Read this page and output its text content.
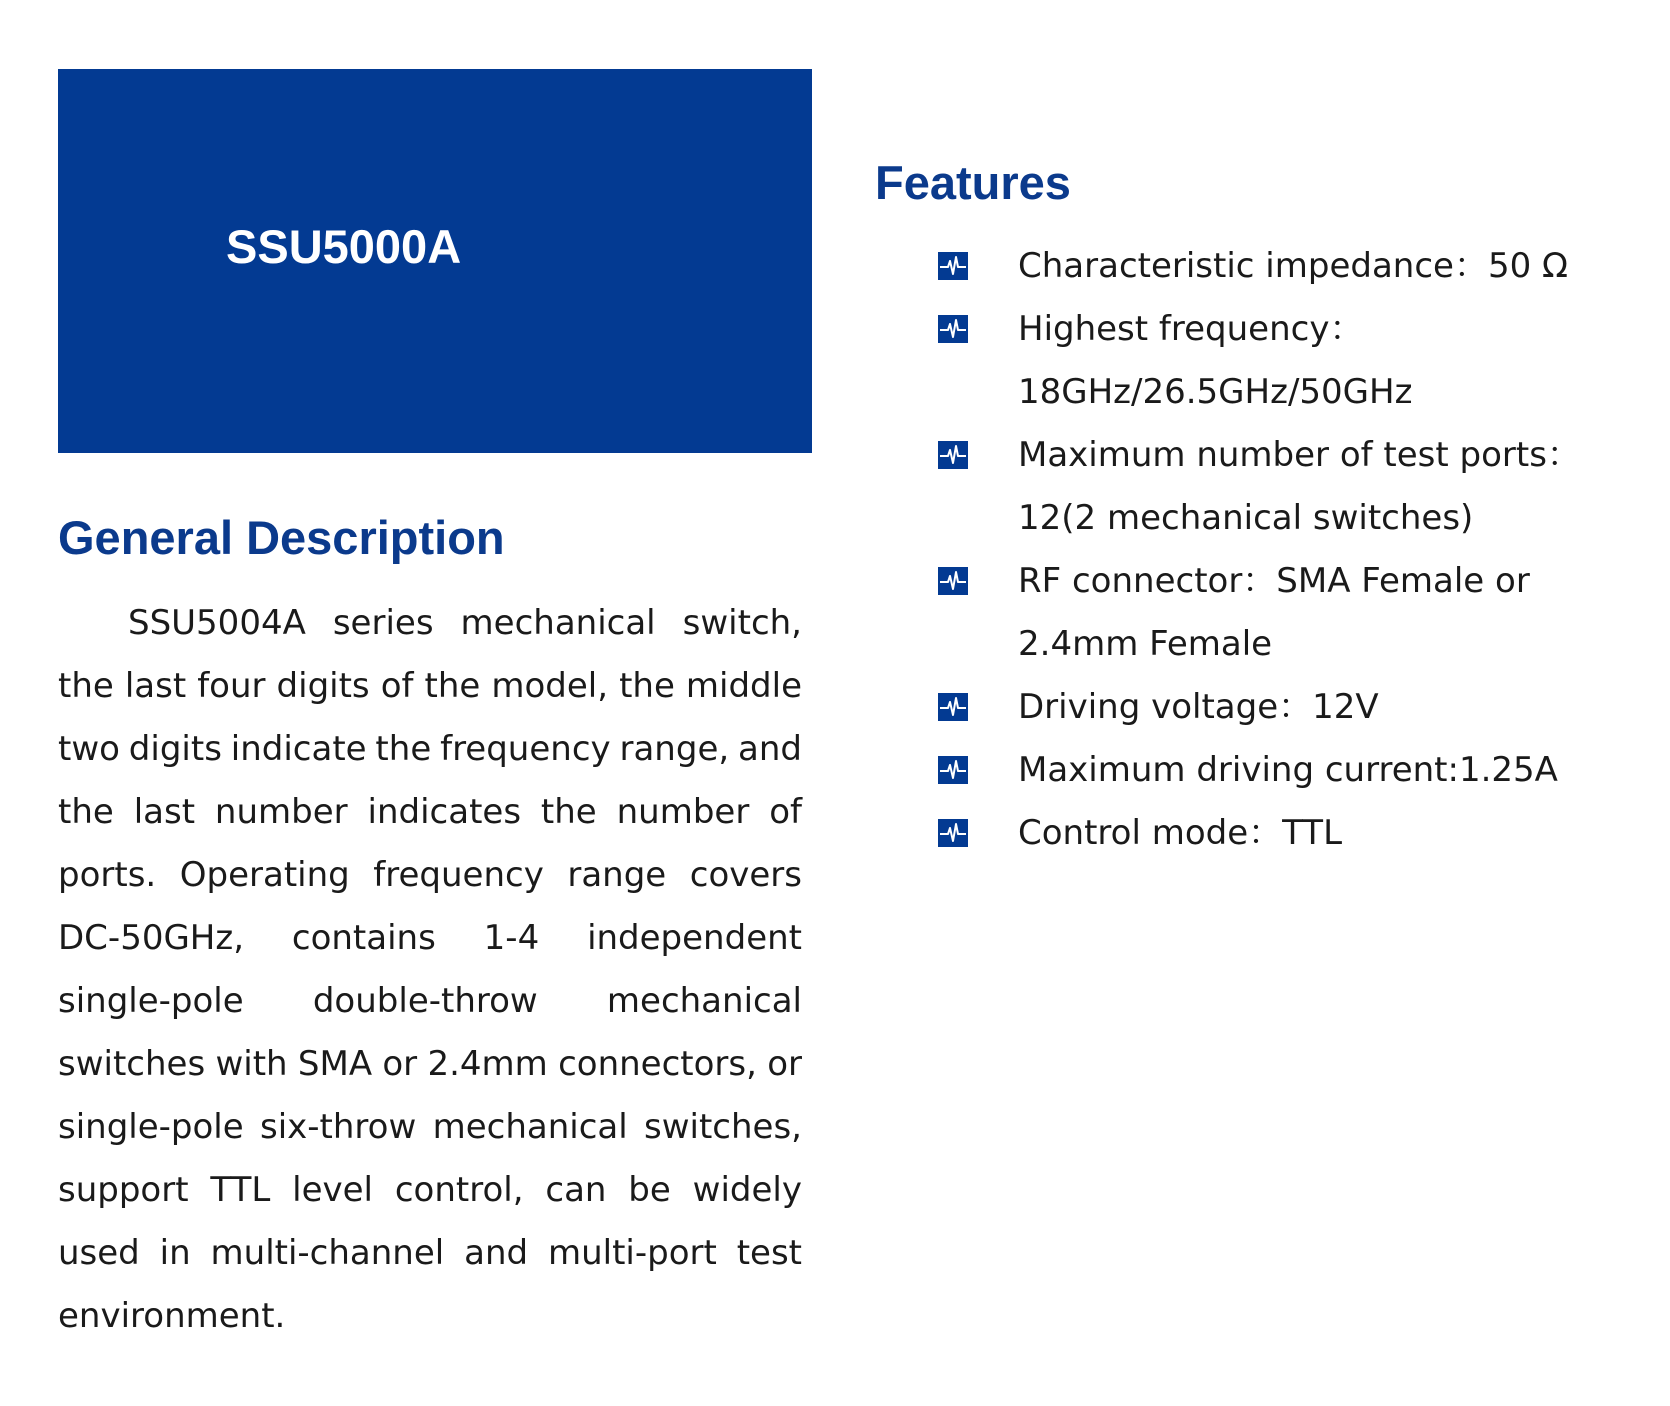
SSU5000A
General Description

SSU5004A series mechanical switch, the last four digits of the model, the middle two digits indicate the frequency range, and the last number indicates the number of ports. Operating frequency range covers DC-50GHz, contains 1-4 independent single-pole double-throw mechanical switches with SMA or 2.4mm connectors, or single-pole six-throw mechanical switches, support TTL level control, can be widely used in multi-channel and multi-port test environment.

Features
Characteristic impedance：50 Ω
Highest frequency：
18GHz/26.5GHz/50GHz
Maximum number of test ports：
12(2 mechanical switches)
RF connector：SMA Female or
2.4mm Female
Driving voltage：12V
Maximum driving current:1.25A
Control mode：TTL
